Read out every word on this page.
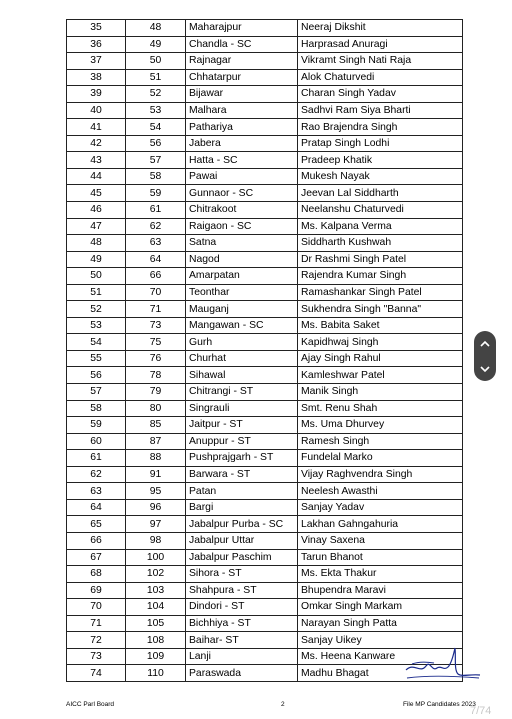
35	48	Maharajpur	Neeraj Dikshit
36	49	Chandla - SC	Harprasad Anuragi
37	50	Rajnagar	Vikramt Singh Nati Raja
38	51	Chhatarpur	Alok Chaturvedi
39	52	Bijawar	Charan Singh Yadav
40	53	Malhara	Sadhvi Ram Siya Bharti
41	54	Pathariya	Rao Brajendra Singh
42	56	Jabera	Pratap Singh Lodhi
43	57	Hatta - SC	Pradeep Khatik
44	58	Pawai	Mukesh Nayak
45	59	Gunnaor - SC	Jeevan Lal Siddharth
46	61	Chitrakoot	Neelanshu Chaturvedi
47	62	Raigaon - SC	Ms. Kalpana Verma
48	63	Satna	Siddharth Kushwah
49	64	Nagod	Dr Rashmi Singh Patel
50	66	Amarpatan	Rajendra Kumar Singh
51	70	Teonthar	Ramashankar Singh Patel
52	71	Mauganj	Sukhendra Singh "Banna"
53	73	Mangawan - SC	Ms. Babita Saket
54	75	Gurh	Kapidhwaj Singh
55	76	Churhat	Ajay Singh Rahul
56	78	Sihawal	Kamleshwar Patel
57	79	Chitrangi - ST	Manik Singh
58	80	Singrauli	Smt. Renu Shah
59	85	Jaitpur - ST	Ms. Uma Dhurvey
60	87	Anuppur - ST	Ramesh Singh
61	88	Pushprajgarh - ST	Fundelal Marko
62	91	Barwara - ST	Vijay Raghvendra Singh
63	95	Patan	Neelesh Awasthi
64	96	Bargi	Sanjay Yadav
65	97	Jabalpur Purba - SC	Lakhan Gahngahuria
66	98	Jabalpur Uttar	Vinay Saxena
67	100	Jabalpur Paschim	Tarun Bhanot
68	102	Sihora - ST	Ms. Ekta Thakur
69	103	Shahpura - ST	Bhupendra Maravi
70	104	Dindori - ST	Omkar Singh Markam
71	105	Bichhiya - ST	Narayan Singh Patta
72	108	Baihar- ST	Sanjay Uikey
73	109	Lanji	Ms. Heena Kanware
74	110	Paraswada	Madhu Bhagat
AICC Parl Board	2	File MP Candidates 2023
7/74
